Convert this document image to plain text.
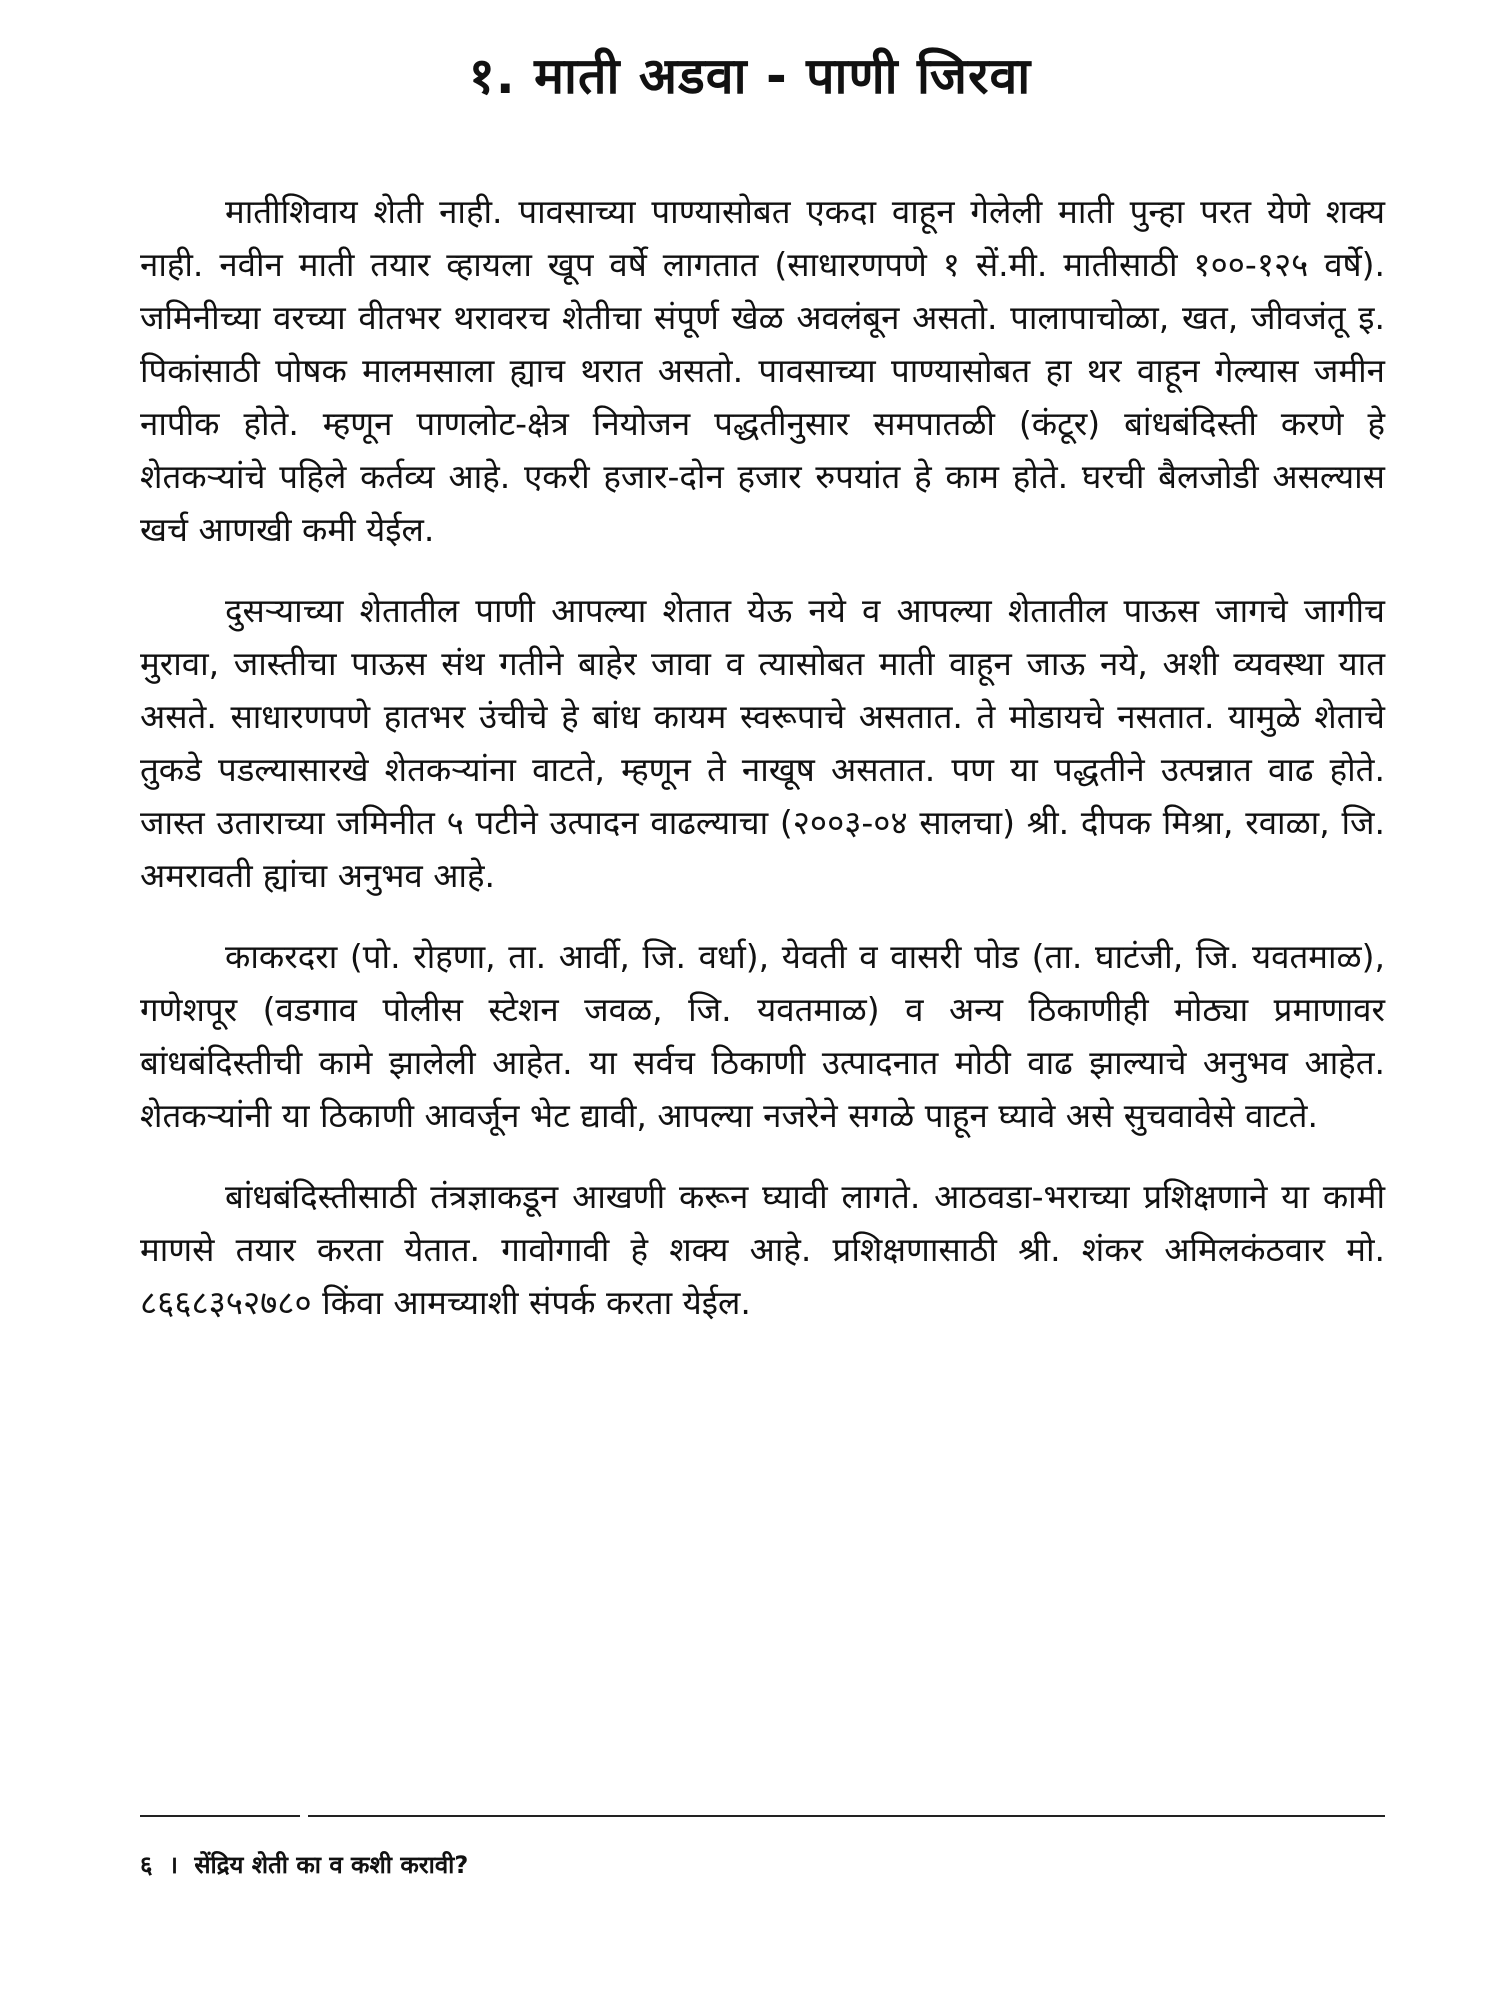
१. माती अडवा - पाणी जिरवा

मातीशिवाय शेती नाही. पावसाच्या पाण्यासोबत एकदा वाहून गेलेली माती पुन्हा परत येणे शक्य नाही. नवीन माती तयार व्हायला खूप वर्षे लागतात (साधारणपणे १ सें.मी. मातीसाठी १००-१२५ वर्षे). जमिनीच्या वरच्या वीतभर थरावरच शेतीचा संपूर्ण खेळ अवलंबून असतो. पालापाचोळा, खत, जीवजंतू इ. पिकांसाठी पोषक मालमसाला ह्याच थरात असतो. पावसाच्या पाण्यासोबत हा थर वाहून गेल्यास जमीन नापीक होते. म्हणून पाणलोट-क्षेत्र नियोजन पद्धतीनुसार समपातळी (कंटूर) बांधबंदिस्ती करणे हे शेतकऱ्यांचे पहिले कर्तव्य आहे. एकरी हजार-दोन हजार रुपयांत हे काम होते. घरची बैलजोडी असल्यास खर्च आणखी कमी येईल.

दुसऱ्याच्या शेतातील पाणी आपल्या शेतात येऊ नये व आपल्या शेतातील पाऊस जागचे जागीच मुरावा, जास्तीचा पाऊस संथ गतीने बाहेर जावा व त्यासोबत माती वाहून जाऊ नये, अशी व्यवस्था यात असते. साधारणपणे हातभर उंचीचे हे बांध कायम स्वरूपाचे असतात. ते मोडायचे नसतात. यामुळे शेताचे तुकडे पडल्यासारखे शेतकऱ्यांना वाटते, म्हणून ते नाखूष असतात. पण या पद्धतीने उत्पन्नात वाढ होते. जास्त उताराच्या जमिनीत ५ पटीने उत्पादन वाढल्याचा (२००३-०४ सालचा) श्री. दीपक मिश्रा, रवाळा, जि. अमरावती ह्यांचा अनुभव आहे.

काकरदरा (पो. रोहणा, ता. आर्वी, जि. वर्धा), येवती व वासरी पोड (ता. घाटंजी, जि. यवतमाळ), गणेशपूर (वडगाव पोलीस स्टेशन जवळ, जि. यवतमाळ) व अन्य ठिकाणीही मोठ्या प्रमाणावर बांधबंदिस्तीची कामे झालेली आहेत. या सर्वच ठिकाणी उत्पादनात मोठी वाढ झाल्याचे अनुभव आहेत. शेतकऱ्यांनी या ठिकाणी आवर्जून भेट द्यावी, आपल्या नजरेने सगळे पाहून घ्यावे असे सुचवावेसे वाटते.

बांधबंदिस्तीसाठी तंत्रज्ञाकडून आखणी करून घ्यावी लागते. आठवडा-भराच्या प्रशिक्षणाने या कामी माणसे तयार करता येतात. गावोगावी हे शक्य आहे. प्रशिक्षणासाठी श्री. शंकर अमिलकंठवार मो. ८६६८३५२७८० किंवा आमच्याशी संपर्क करता येईल.

६ । सेंद्रिय शेती का व कशी करावी?
